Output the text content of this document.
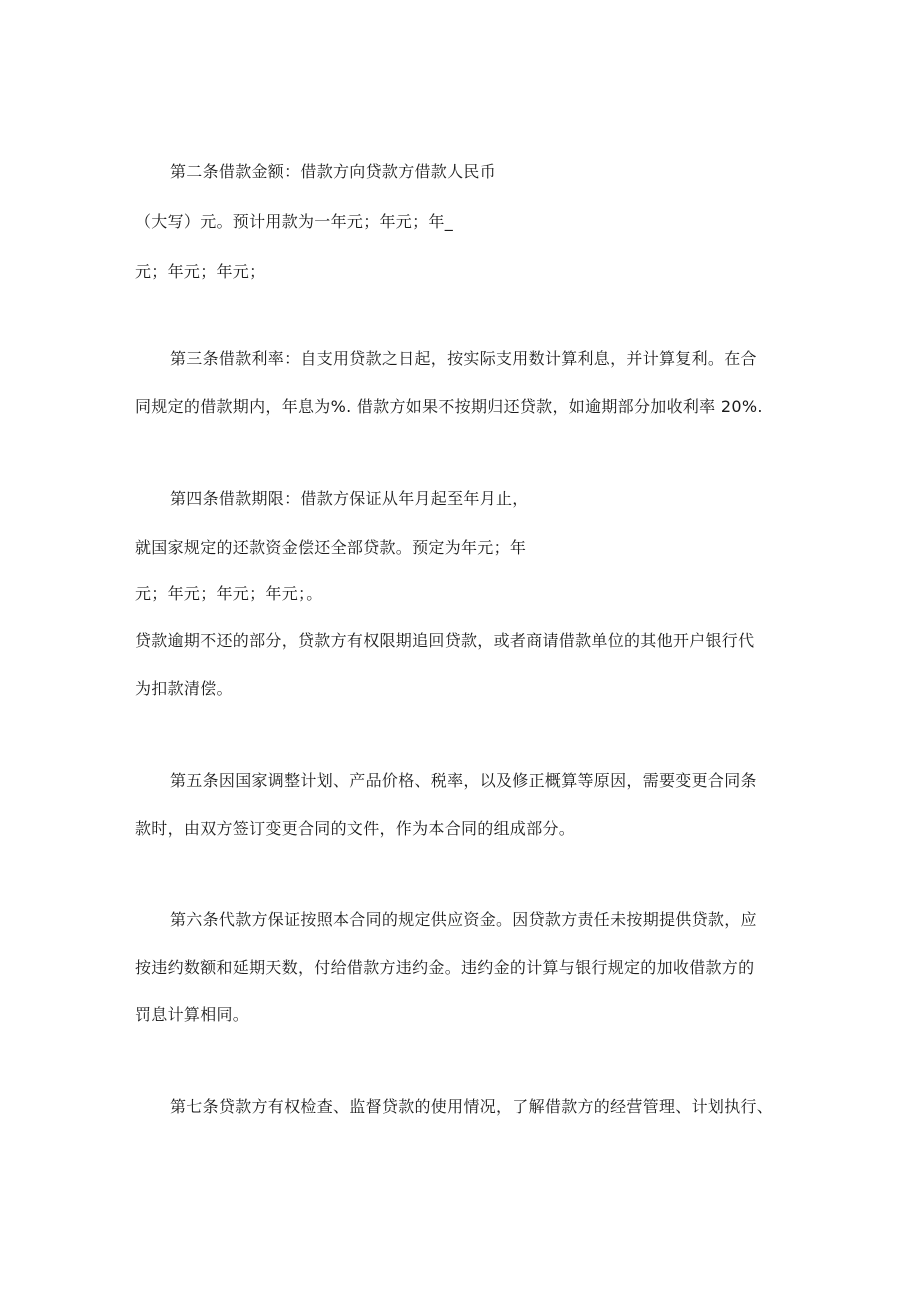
第二条借款金额：借款方向贷款方借款人民币
（大写）元。预计用款为一年元；年元；年_
元；年元；年元；
第三条借款利率：自支用贷款之日起，按实际支用数计算利息，并计算复利。在合
同规定的借款期内，年息为%. 借款方如果不按期归还贷款，如逾期部分加收利率 20%.
第四条借款期限：借款方保证从年月起至年月止，
就国家规定的还款资金偿还全部贷款。预定为年元；年
元；年元；年元；年元；。
贷款逾期不还的部分，贷款方有权限期追回贷款，或者商请借款单位的其他开户银行代
为扣款清偿。
第五条因国家调整计划、产品价格、税率，以及修正概算等原因，需要变更合同条
款时，由双方签订变更合同的文件，作为本合同的组成部分。
第六条代款方保证按照本合同的规定供应资金。因贷款方责任未按期提供贷款，应
按违约数额和延期天数，付给借款方违约金。违约金的计算与银行规定的加收借款方的
罚息计算相同。
第七条贷款方有权检查、监督贷款的使用情况，了解借款方的经营管理、计划执行、
